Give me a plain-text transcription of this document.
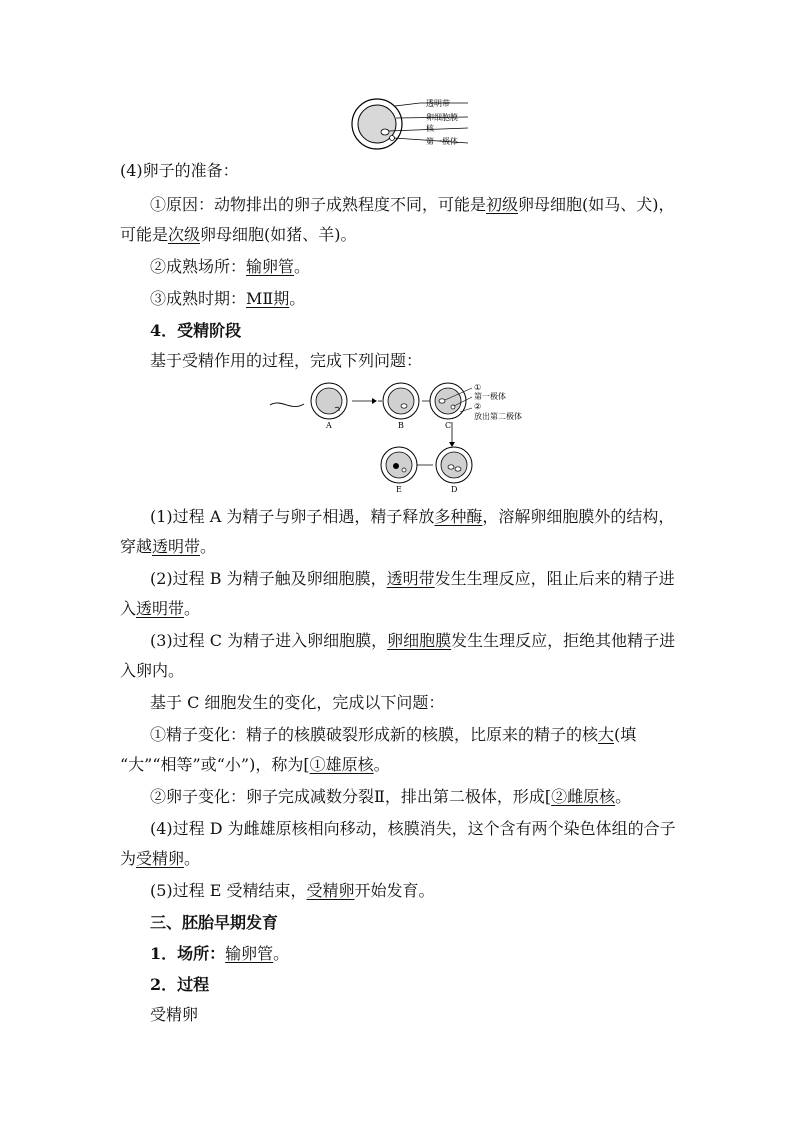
透明带
卵细胞膜
核
第一极体
(4)卵子的准备：
①原因：动物排出的卵子成熟程度不同，可能是初级卵母细胞(如马、犬)，
可能是次级卵母细胞(如猪、羊)。
②成熟场所：输卵管。
③成熟时期：MⅡ期。
4．受精阶段
基于受精作用的过程，完成下列问题：
A	B	C
①
第一极体
②
放出第二极体
D
E
(1)过程 A 为精子与卵子相遇，精子释放多种酶，溶解卵细胞膜外的结构，
穿越透明带。
(2)过程 B 为精子触及卵细胞膜，透明带发生生理反应，阻止后来的精子进
入透明带。
(3)过程 C 为精子进入卵细胞膜，卵细胞膜发生生理反应，拒绝其他精子进
入卵内。
基于 C 细胞发生的变化，完成以下问题：
①精子变化：精子的核膜破裂形成新的核膜，比原来的精子的核大(填
“大”“相等”或“小”)，称为[①雄原核。
②卵子变化：卵子完成减数分裂Ⅱ，排出第二极体，形成[②雌原核。
(4)过程 D 为雌雄原核相向移动，核膜消失，这个含有两个染色体组的合子
为受精卵。
(5)过程 E 受精结束，受精卵开始发育。
三、胚胎早期发育
1．场所：输卵管。
2．过程
受精卵
